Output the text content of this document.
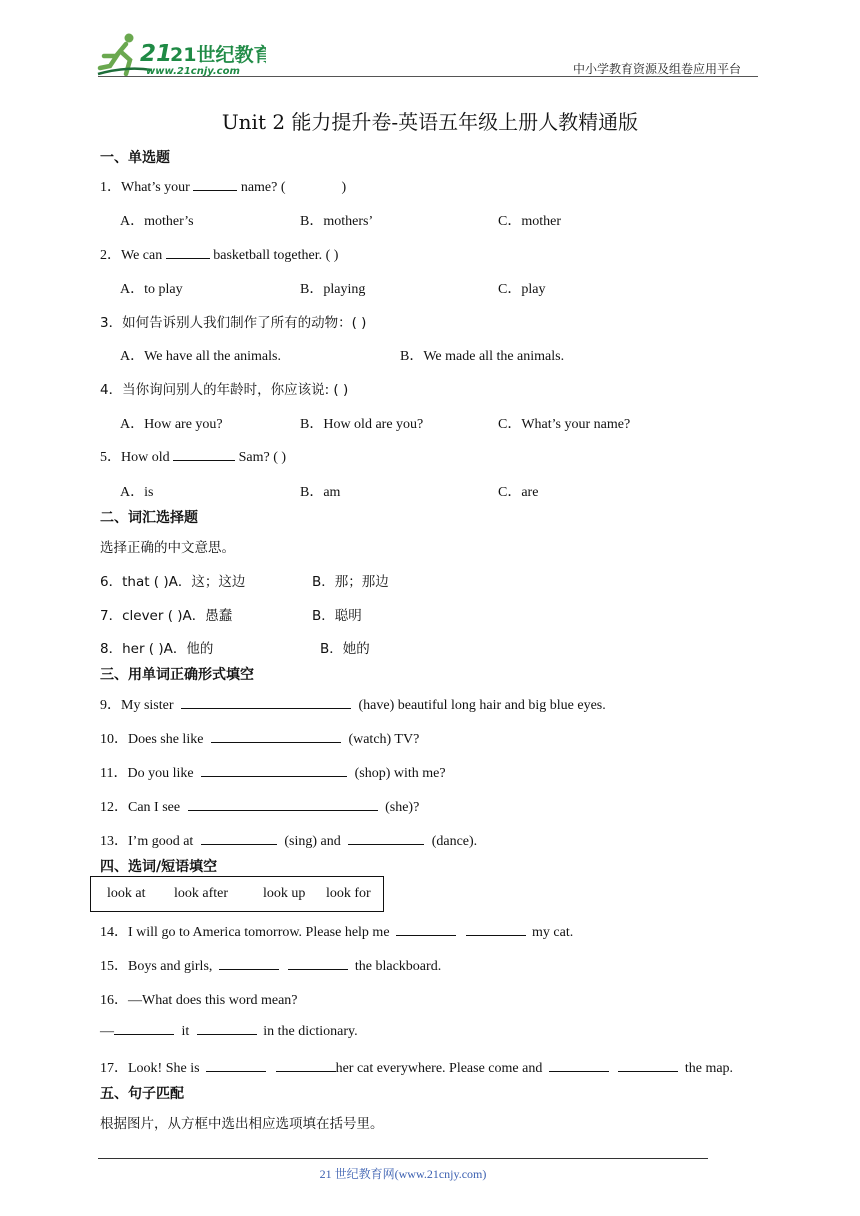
21
21世纪教育
www.21cnjy.com	中小学教育资源及组卷应用平台
Unit 2 能力提升卷-英语五年级上册人教精通版
一、单选题
1．What’s your	name? (	)
A．mother’s	B．mothers’	C．mother
2．We can	basketball together. ( )
A．to play	B．playing	C．play
3．如何告诉别人我们制作了所有的动物：( )
A．We have all the animals.	B．We made all the animals.
4．当你询问别人的年龄时，你应该说: ( )
A．How are you?	B．How old are you?	C．What’s your name?
5．How old	Sam? ( )
A．is	B．am	C．are
二、词汇选择题
选择正确的中文意思。
6．that ( )A．这；这边	B．那；那边
7．clever ( )A．愚蠢	B．聪明
8．her ( )A．他的	B．她的
三、用单词正确形式填空
9．My sister	(have) beautiful long hair and big blue eyes.
10．Does she like	(watch) TV?
11．Do you like	(shop) with me?
12．Can I see	(she)?
13．I’m good at	(sing) and	(dance).
四、选词/短语填空
look at look after look up look for
14．I will go to America tomorrow. Please help me	my cat.
15．Boys and girls,	the blackboard.
16．—What does this word mean?
—	it	in the dictionary.
17．Look! She is	her cat everywhere. Please come and	the map.
五、句子匹配
根据图片，从方框中选出相应选项填在括号里。
21 世纪教育网(www.21cnjy.com)
